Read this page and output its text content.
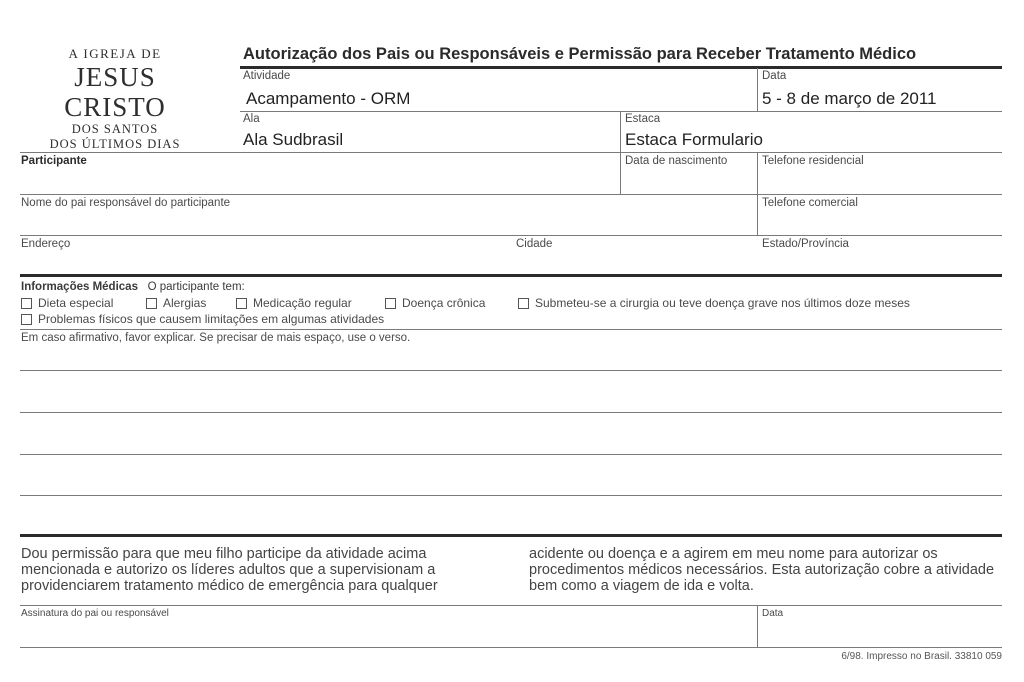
A IGREJA DE
JESUS CRISTO
DOS SANTOS
DOS ÚLTIMOS DIAS
Autorização dos Pais ou Responsáveis e Permissão para Receber Tratamento Médico
Atividade
Acampamento - ORM
Data
5 - 8 de março de 2011
Ala
Ala Sudbrasil
Estaca
Estaca Formulario
Participante	Data de nascimento	Telefone residencial
Nome do pai responsável do participante	Telefone comercial
Endereço	Cidade	Estado/Província
Informações Médicas O participante tem:
Dieta especial	Alergias	Medicação regular	Doença crônica	Submeteu-se a cirurgia ou teve doença grave nos últimos doze meses
Problemas físicos que causem limitações em algumas atividades
Em caso afirmativo, favor explicar. Se precisar de mais espaço, use o verso.
Dou permissão para que meu filho participe da atividade acima mencionada e autorizo os líderes adultos que a supervisionam a providenciarem tratamento médico de emergência para qualquer
acidente ou doença e a agirem em meu nome para autorizar os procedimentos médicos necessários. Esta autorização cobre a atividade bem como a viagem de ida e volta.
Assinatura do pai ou responsável	Data
6/98. Impresso no Brasil. 33810 059
